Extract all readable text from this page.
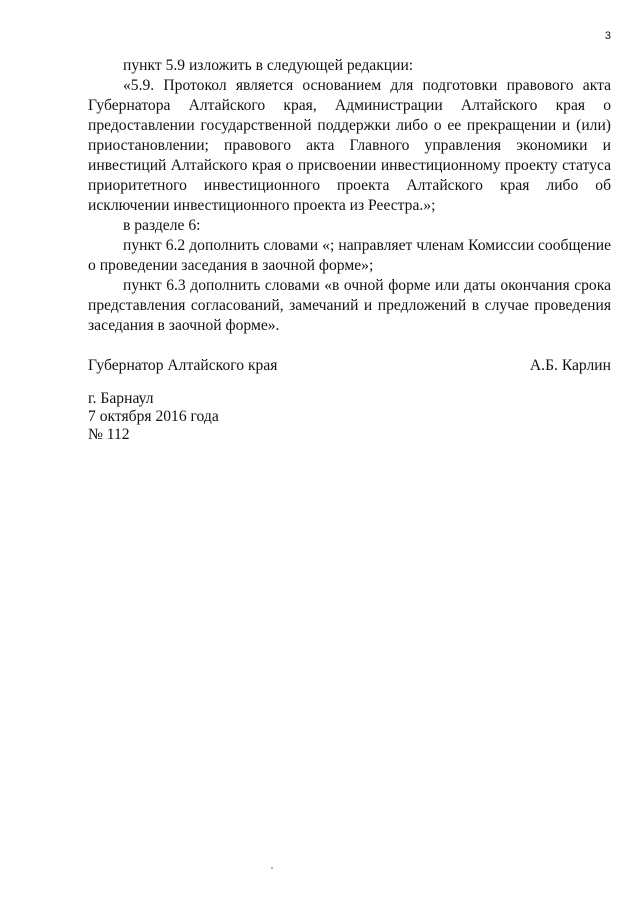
3

пункт 5.9 изложить в следующей редакции:

«5.9. Протокол является основанием для подготовки правового акта Губернатора Алтайского края, Администрации Алтайского края о предоставлении государственной поддержки либо о ее прекращении и (или) приостановлении; правового акта Главного управления экономики и инвестиций Алтайского края о присвоении инвестиционному проекту статуса приоритетного инвестиционного проекта Алтайского края либо об исключении инвестиционного проекта из Реестра.»;

в разделе 6:

пункт 6.2 дополнить словами «; направляет членам Комиссии сообщение о проведении заседания в заочной форме»;

пункт 6.3 дополнить словами «в очной форме или даты окончания срока представления согласований, замечаний и предложений в случае проведения заседания в заочной форме».

Губернатор Алтайского края	А.Б. Карлин
г. Барнаул
7 октября 2016 года
№ 112
